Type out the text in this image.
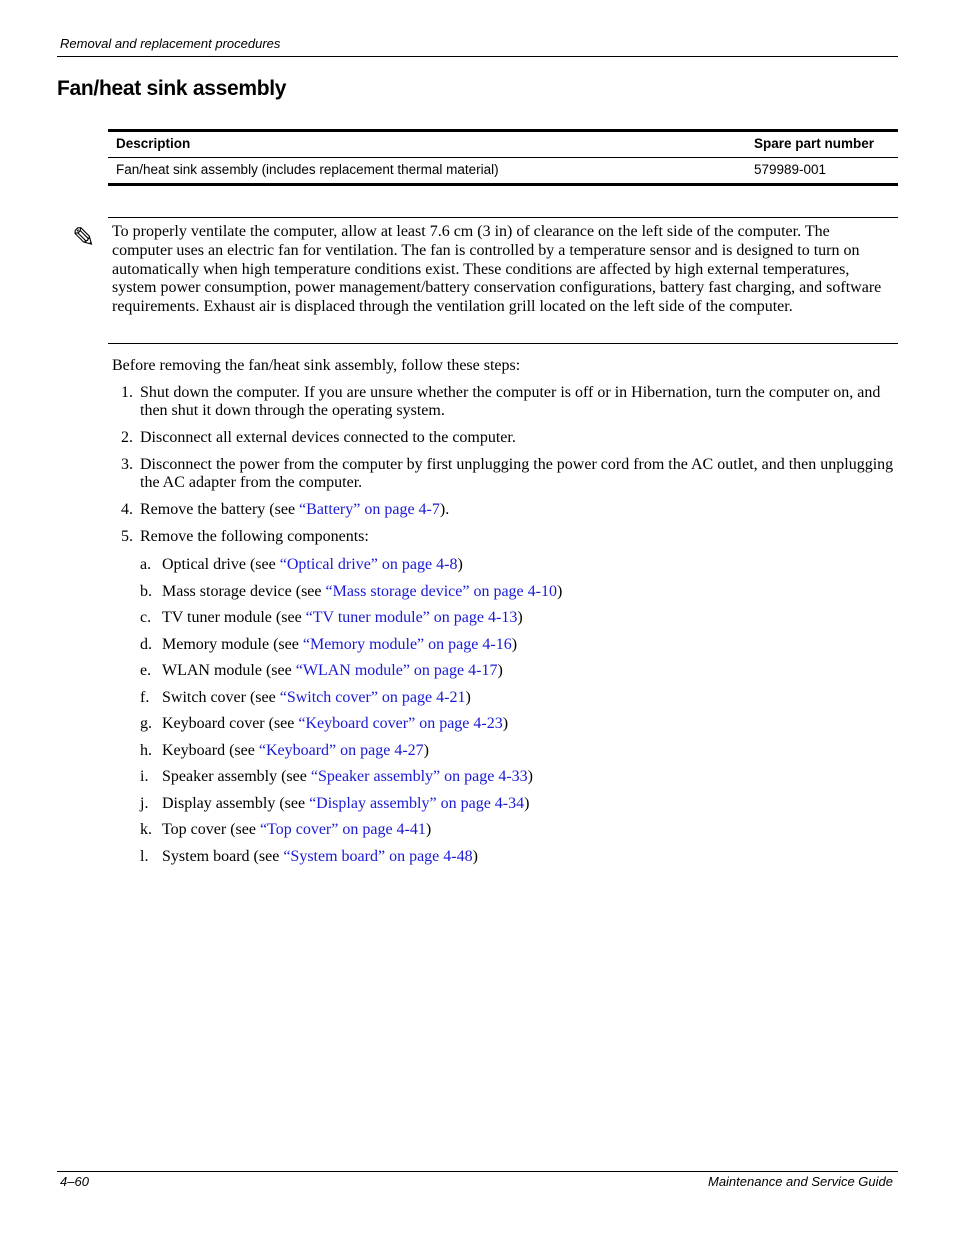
Removal and replacement procedures
Fan/heat sink assembly
Description	Spare part number
Fan/heat sink assembly (includes replacement thermal material)	579989-001
✎ To properly ventilate the computer, allow at least 7.6 cm (3 in) of clearance on the left side of the computer. The computer uses an electric fan for ventilation. The fan is controlled by a temperature sensor and is designed to turn on automatically when high temperature conditions exist. These conditions are affected by high external temperatures, system power consumption, power management/battery conservation configurations, battery fast charging, and software requirements. Exhaust air is displaced through the ventilation grill located on the left side of the computer.

Before removing the fan/heat sink assembly, follow these steps:

1. Shut down the computer. If you are unsure whether the computer is off or in Hibernation, turn the computer on, and then shut it down through the operating system.
2. Disconnect all external devices connected to the computer.
3. Disconnect the power from the computer by first unplugging the power cord from the AC outlet, and then unplugging the AC adapter from the computer.
4. Remove the battery (see “Battery” on page 4-7).
5. Remove the following components:
a. Optical drive (see “Optical drive” on page 4-8)
b. Mass storage device (see “Mass storage device” on page 4-10)
c. TV tuner module (see “TV tuner module” on page 4-13)
d. Memory module (see “Memory module” on page 4-16)
e. WLAN module (see “WLAN module” on page 4-17)
f. Switch cover (see “Switch cover” on page 4-21)
g. Keyboard cover (see “Keyboard cover” on page 4-23)
h. Keyboard (see “Keyboard” on page 4-27)
i. Speaker assembly (see “Speaker assembly” on page 4-33)
j. Display assembly (see “Display assembly” on page 4-34)
k. Top cover (see “Top cover” on page 4-41)
l. System board (see “System board” on page 4-48)
4–60	Maintenance and Service Guide
